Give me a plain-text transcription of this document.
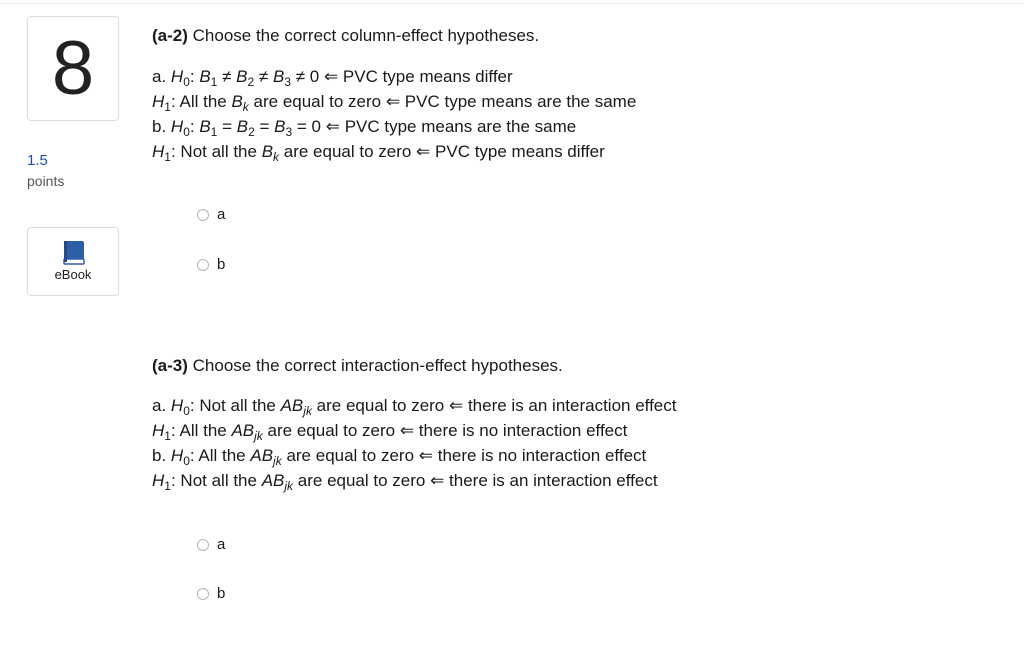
8
1.5
points
eBook
(a-2) Choose the correct column-effect hypotheses.
a. $H_0$: $B_1 \ne B_2 \ne B_3 \ne 0$ ⇐ PVC type means differ
$H_1$: All the $B_k$ are equal to zero ⇐ PVC type means are the same
b. $H_0$: $B_1 = B_2 = B_3 = 0$ ⇐ PVC type means are the same
$H_1$: Not all the $B_k$ are equal to zero ⇐ PVC type means differ
a
b
(a-3) Choose the correct interaction-effect hypotheses.
a. $H_0$: Not all the $AB_{jk}$ are equal to zero ⇐ there is an interaction effect
$H_1$: All the $AB_{jk}$ are equal to zero ⇐ there is no interaction effect
b. $H_0$: All the $AB_{jk}$ are equal to zero ⇐ there is no interaction effect
$H_1$: Not all the $AB_{jk}$ are equal to zero ⇐ there is an interaction effect
a
b
